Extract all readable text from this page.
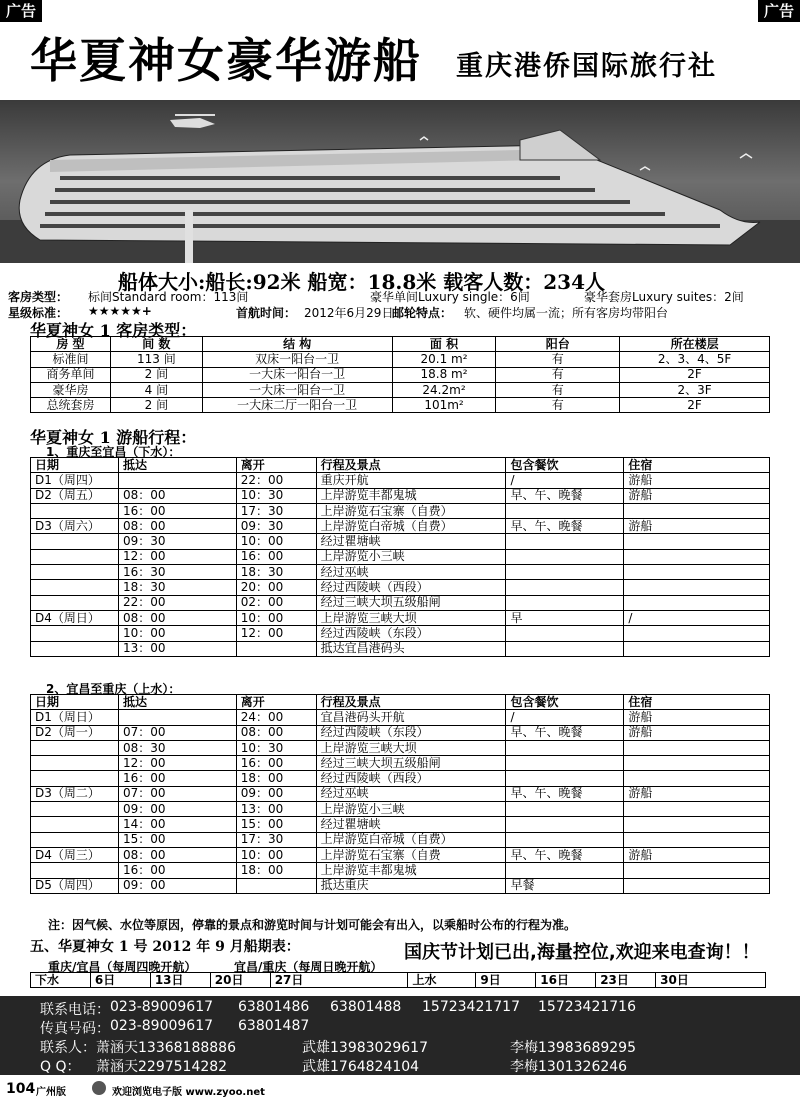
广告	广告
华夏神女豪华游船 重庆港侨国际旅行社
船体大小:船长:92米 船宽：18.8米 载客人数：234人
客房类型： 标间Standard room：113间	豪华单间Luxury single：6间	豪华套房Luxury suites：2间
星级标准： ★★★★★+	首航时间： 2012年6月29日
邮轮特点： 软、硬件均属一流；所有客房均带阳台
华夏神女 1 客房类型：
房 型	间 数	结 构	面 积	阳台	所在楼层
标准间	113 间	双床一阳台一卫	20.1 m²	有	2、3、4、5F
商务单间	2 间	一大床一阳台一卫	18.8 m²	有	2F
豪华房	4 间	一大床一阳台一卫	24.2m²	有	2、3F
总统套房	2 间	一大床二厅一阳台一卫	101m²	有	2F
华夏神女 1 游船行程：
1、重庆至宜昌（下水）：
日期	抵达	离开	行程及景点	包含餐饮	住宿
D1（周四）		22：00	重庆开航	/	游船
D2（周五）	08：00	10：30	上岸游览丰都鬼城	早、午、晚餐	游船
	16：00	17：30	上岸游览石宝寨（自费）		
D3（周六）	08：00	09：30	上岸游览白帝城（自费）	早、午、晚餐	游船
	09：30	10：00	经过瞿塘峡		
	12：00	16：00	上岸游览小三峡		
	16：30	18：30	经过巫峡		
	18：30	20：00	经过西陵峡（西段）		
	22：00	02：00	经过三峡大坝五级船闸		
D4（周日）	08：00	10：00	上岸游览三峡大坝	早	/
	10：00	12：00	经过西陵峡（东段）		
	13：00		抵达宜昌港码头		
2、宜昌至重庆（上水）：
日期	抵达	离开	行程及景点	包含餐饮	住宿
D1（周日）		24：00	宜昌港码头开航	/	游船
D2（周一）	07：00	08：00	经过西陵峡（东段）	早、午、晚餐	游船
	08：30	10：30	上岸游览三峡大坝		
	12：00	16：00	经过三峡大坝五级船闸		
	16：00	18：00	经过西陵峡（西段）		
D3（周二）	07：00	09：00	经过巫峡	早、午、晚餐	游船
	09：00	13：00	上岸游览小三峡		
	14：00	15：00	经过瞿塘峡		
	15：00	17：30	上岸游览白帝城（自费）		
D4（周三）	08：00	10：00	上岸游览石宝寨（自费	早、午、晚餐	游船
	16：00	18：00	上岸游览丰都鬼城		
D5（周四）	09：00		抵达重庆	早餐	
注：因气候、水位等原因，停靠的景点和游览时间与计划可能会有出入，以乘船时公布的行程为准。
五、华夏神女 1 号 2012 年 9 月船期表：	国庆节计划已出,海量控位,欢迎来电查询！！
重庆/宜昌（每周四晚开航）	宜昌/重庆（每周日晚开航）
下水	6日	13日	20日	27日	上水	9日	16日	23日	30日
联系电话： 023-89009617 63801486 63801488 15723421717 15723421716
传真号码： 023-89009617 63801487
联系人： 萧涵天13368188886	武雄13983029617	李梅13983689295
Q Q： 萧涵天2297514282	武雄1764824104	李梅1301326246
104 广州版	欢迎浏览电子版 www.zyoo.net
